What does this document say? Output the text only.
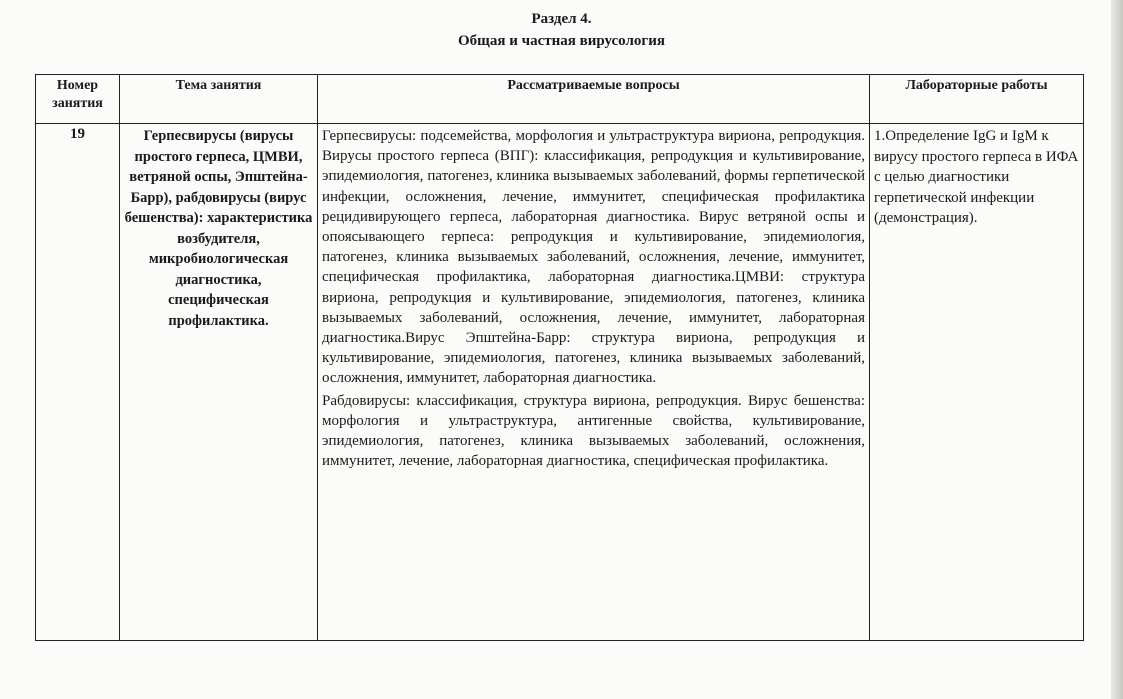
Раздел 4.
Общая и частная вирусология
Номер занятия	Тема занятия	Рассматриваемые вопросы	Лабораторные работы
19	Герпесвирусы (вирусы простого герпеса, ЦМВИ, ветряной оспы, Эпштейна-Барр), рабдовирусы (вирус бешенства): характеристика возбудителя, микробиологическая диагностика, специфическая профилактика.	Герпесвирусы: подсемейства, морфология и ультраструктура вириона, репродукция. Вирусы простого герпеса (ВПГ): классификация, репродукция и культивирование, эпидемиология, патогенез, клиника вызываемых заболеваний, формы герпетической инфекции, осложнения, лечение, иммунитет, специфическая профилактика рецидивирующего герпеса, лабораторная диагностика. Вирус ветряной оспы и опоясывающего герпеса: репродукция и культивирование, эпидемиология, патогенез, клиника вызываемых заболеваний, осложнения, лечение, иммунитет, специфическая профилактика, лабораторная диагностика.ЦМВИ: структура вириона, репродукция и культивирование, эпидемиология, патогенез, клиника вызываемых заболеваний, осложнения, лечение, иммунитет, лабораторная диагностика.Вирус Эпштейна-Барр: структура вириона, репродукция и культивирование, эпидемиология, патогенез, клиника вызываемых заболеваний, осложнения, иммунитет, лабораторная диагностика.

Рабдовирусы: классификация, структура вириона, репродукция. Вирус бешенства: морфология и ультраструктура, антигенные свойства, культивирование, эпидемиология, патогенез, клиника вызываемых заболеваний, осложнения, иммунитет, лечение, лабораторная диагностика, специфическая профилактика.	1.Определение IgG и IgM к вирусу простого герпеса в ИФА с целью диагностики герпетической инфекции (демонстрация).
